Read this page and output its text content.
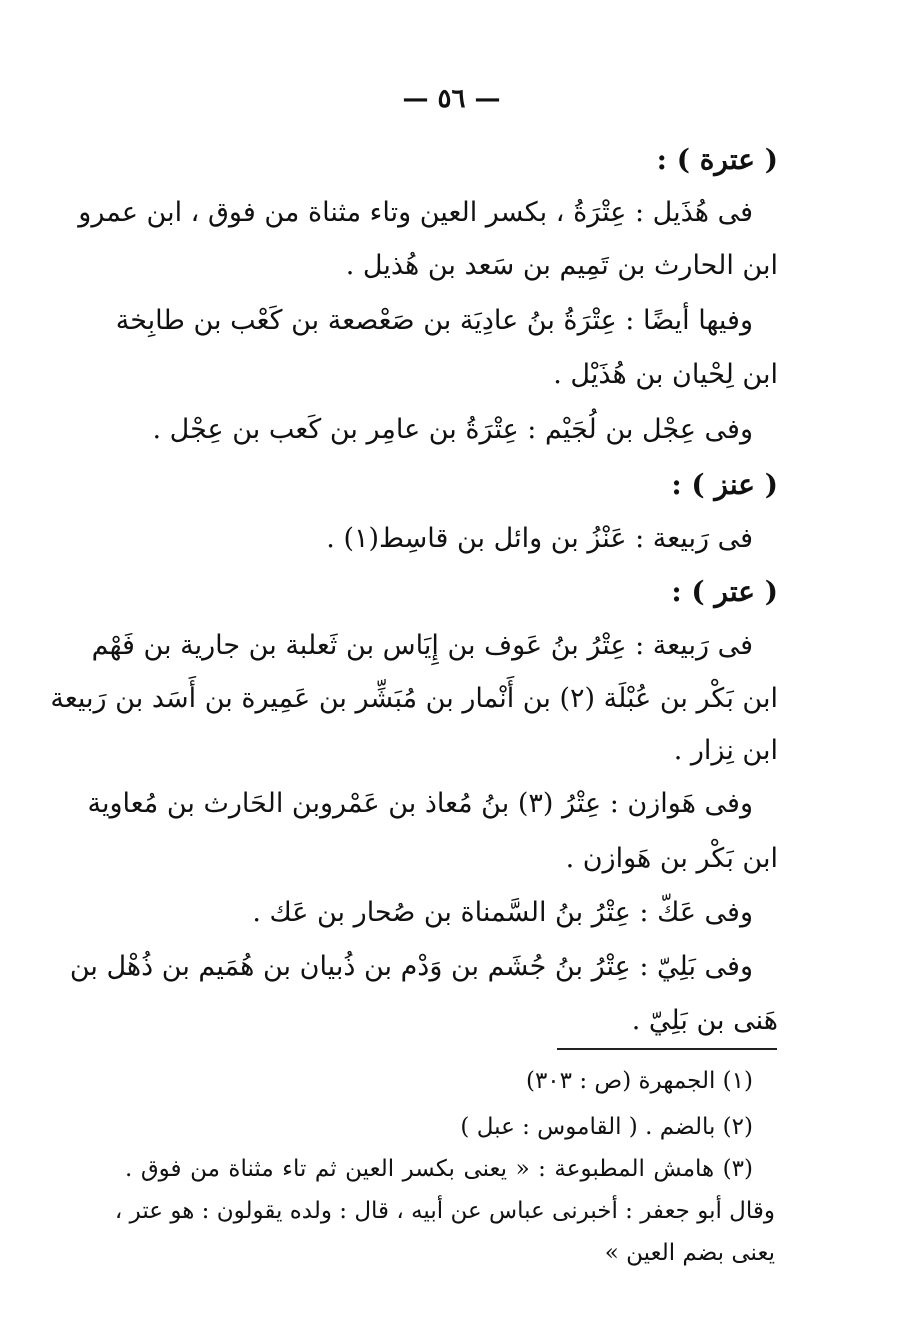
— ٥٦ —
( عترة ) :
فى هُذَيل : عِتْرَةُ ، بكسر العين وتاء مثناة من فوق ، ابن عمرو
ابن الحارث بن تَمِيم بن سَعد بن هُذيل .
وفيها أيضًا : عِتْرَةُ بنُ عادِيَة بن صَعْصعة بن كَعْب بن طابِخة
ابن لِحْيان بن هُذَيْل .
وفى عِجْل بن لُجَيْم : عِتْرَةُ بن عامِر بن كَعب بن عِجْل .
( عنز ) :
فى رَبيعة : عَنْزُ بن وائل بن قاسِط(١) .
( عتر ) :
فى رَبيعة : عِتْرُ بنُ عَوف بن إِيَاس بن ثَعلبة بن جارية بن فَهْم
ابن بَكْر بن عُبْلَة (٢) بن أَنْمار بن مُبَشِّر بن عَمِيرة بن أَسَد بن رَبيعة
ابن نِزار .
وفى هَوازن : عِتْرُ (٣) بنُ مُعاذ بن عَمْروبن الحَارث بن مُعاوية
ابن بَكْر بن هَوازن .
وفى عَكّ : عِتْرُ بنُ السَّمناة بن صُحار بن عَك .
وفى بَلِيّ : عِتْرُ بنُ جُشَم بن وَدْم بن ذُبيان بن هُمَيم بن ذُهْل بن
هَنى بن بَلِيّ .
(١) الجمهرة (ص : ٣٠٣)
(٢) بالضم . ( القاموس : عبل )
(٣) هامش المطبوعة : « يعنى بكسر العين ثم تاء مثناة من فوق .
وقال أبو جعفر : أخبرنى عباس عن أبيه ، قال : ولده يقولون : هو عتر ،
يعنى بضم العين »
